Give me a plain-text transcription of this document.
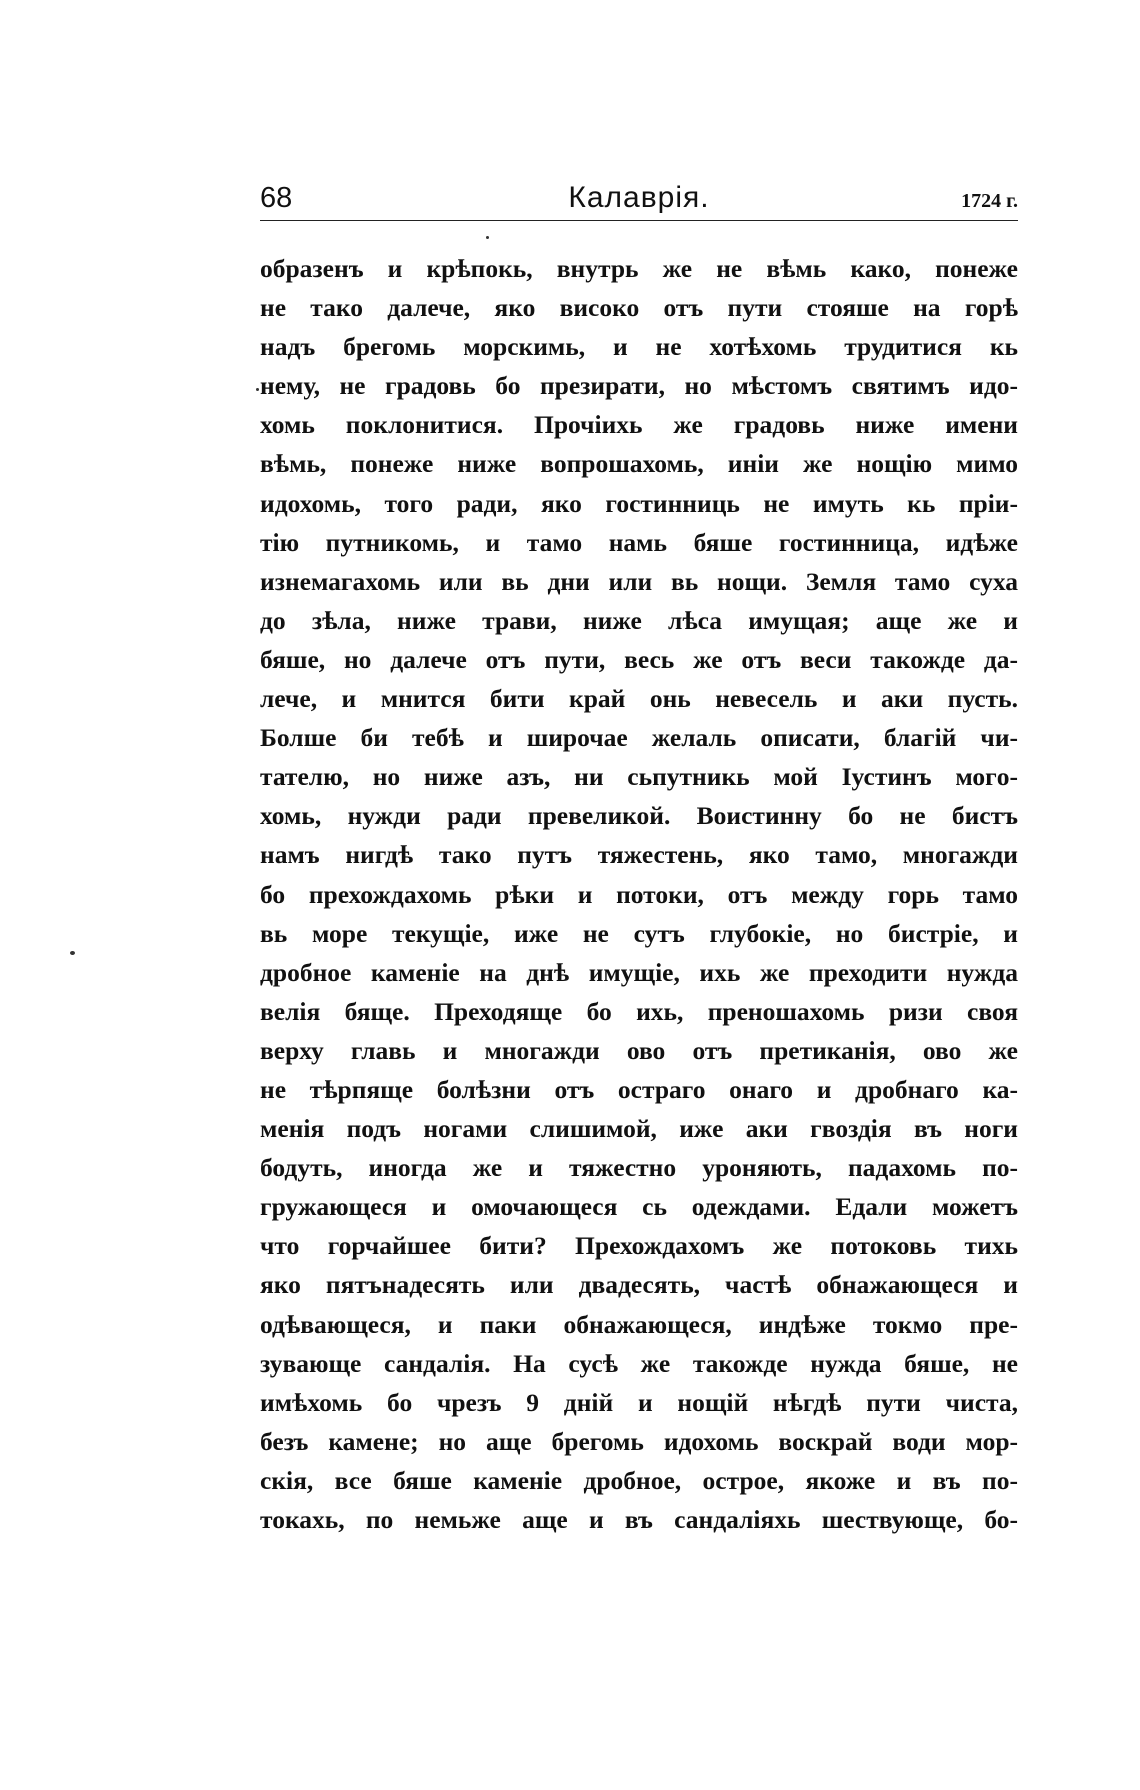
68	Калаврія.	1724 г.
образенъ и крѣпокь, внутрь же не вѣмь како, понеже
не тако далече, яко високо отъ пути стояше на горѣ
надъ брегомь морскимь, и не хотѣхомь трудитися кь
нему, не градовь бо презирати, но мѣстомъ святимъ идо-
хомь поклонитися. Прочіихь же градовь ниже имени
вѣмь, понеже ниже вопрошахомь, иніи же нощію мимо
идохомь, того ради, яко гостинниць не имуть кь пріи-
тію путникомь, и тамо намь бяше гостинница, идѣже
изнемагахомь или вь дни или вь нощи. Земля тамо суха
до зѣла, ниже трави, ниже лѣса имущая; аще же и
бяше, но далече отъ пути, весь же отъ веси такожде да-
лече, и мнится бити край онь невесель и аки пусть.
Болше би тебѣ и широчае желаль описати, благій чи-
тателю, но ниже азъ, ни сьпутникь мой Іустинъ могo-
хомь, нужди ради превеликой. Воистинну бо не бистъ
намъ нигдѣ тако путъ тяжестень, яко тамо, многажди
бо прехождахомь рѣки и потоки, отъ между горь тамо
вь море текущіе, иже не сутъ глубокіе, но бистріе, и
дробное каменіе на днѣ имущіе, ихь же преходити нужда
велія бяще. Преходяще бо ихь, преношахомь ризи своя
верху главь и многажди ово отъ претиканія, ово же
не тѣрпяще болѣзни отъ остраго онаго и дробнаго ка-
менія подъ ногами слишимой, иже аки гвоздія въ ноги
бодуть, иногда же и тяжестно уроняють, падахомь по-
гружающеся и омочающеся сь одеждами. Едали можетъ
что горчайшее бити? Прехождахомъ же потоковь тихь
яко пятънадесять или двадесять, частѣ обнажающеся и
одѣвающеся, и паки обнажающеся, индѣже токмо пре-
зувающе сандалія. На сусѣ же такожде нужда бяше, не
имѣхомь бо чрезъ 9 дній и нощій нѣгдѣ пути чиста,
безъ камене; но аще брегомь идохомь воскрай води мор-
скія, все бяше каменіе дробное, острое, якоже и въ по-
токахь, по немьже аще и въ сандаліяхь шествующе, бо-
